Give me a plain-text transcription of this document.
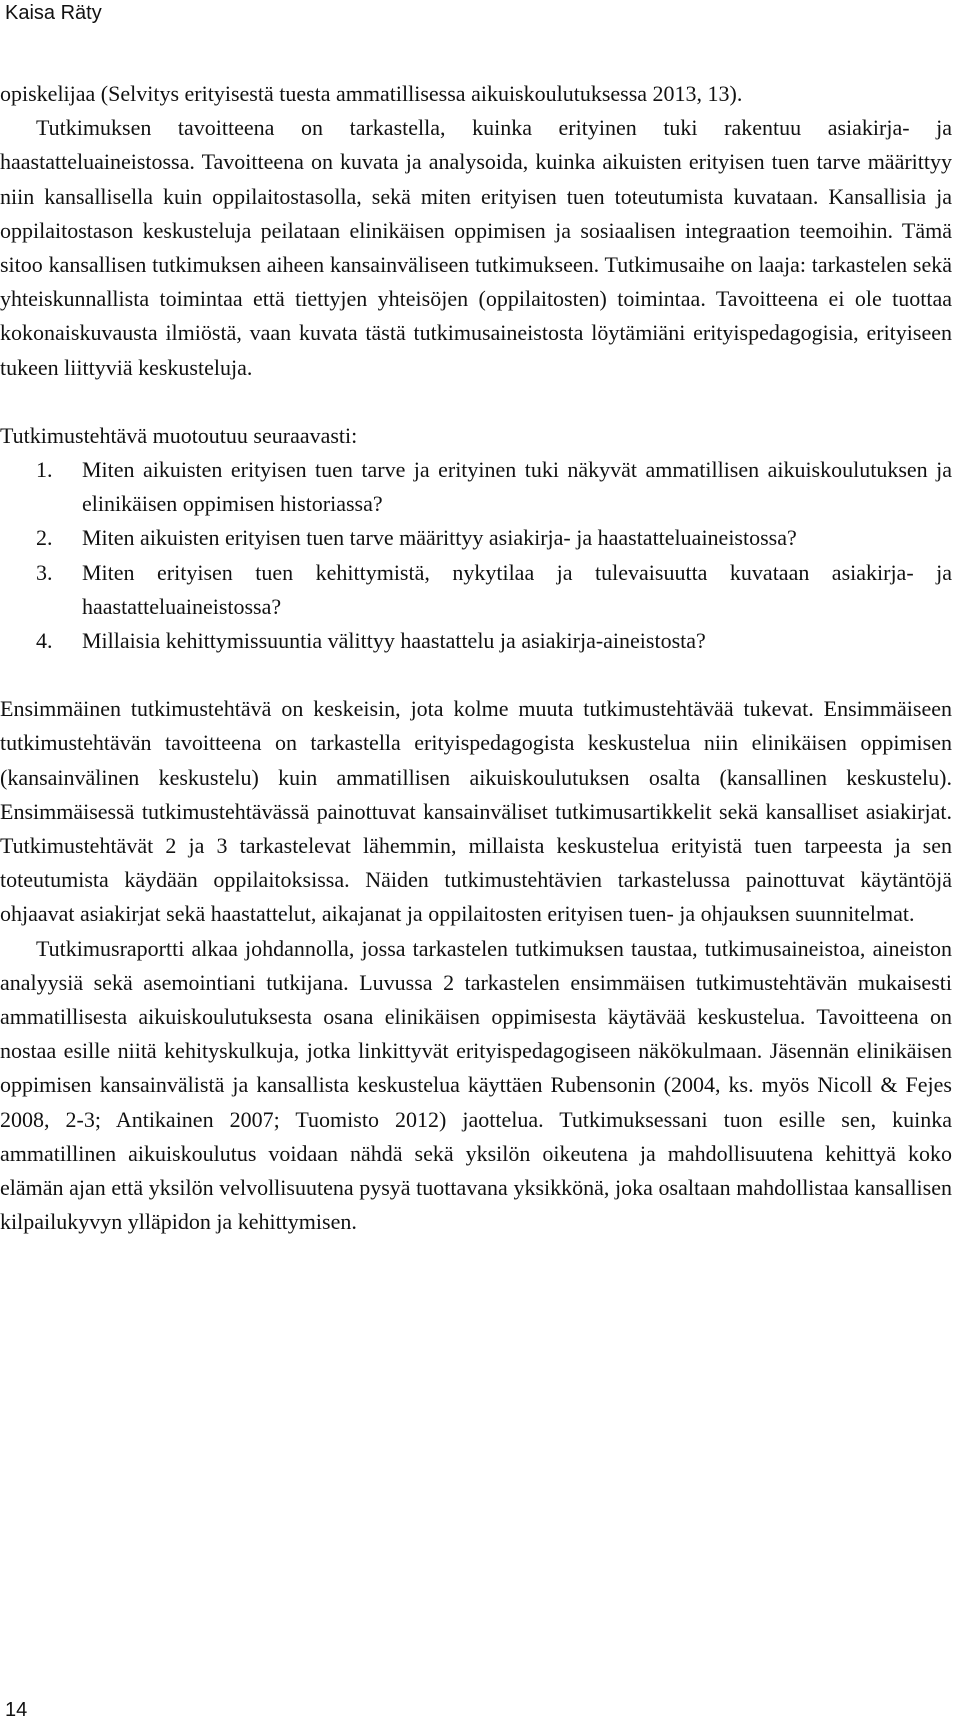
Kaisa Räty

opiskelijaa (Selvitys erityisestä tuesta ammatillisessa aikuiskoulutuksessa 2013, 13).

Tutkimuksen tavoitteena on tarkastella, kuinka erityinen tuki rakentuu asiakirja- ja haastatteluaineistossa. Tavoitteena on kuvata ja analysoida, kuinka aikuisten erityisen tuen tarve määrittyy niin kansallisella kuin oppilaitostasolla, sekä miten erityisen tuen toteutumista kuvataan. Kansallisia ja oppilaitostason keskusteluja peilataan elinikäisen oppimisen ja sosiaalisen integraation teemoihin. Tämä sitoo kansallisen tutkimuksen aiheen kansainväliseen tutkimukseen. Tutkimusaihe on laaja: tarkastelen sekä yhteiskunnallista toimintaa että tiettyjen yhteisöjen (oppilaitosten) toimintaa. Tavoitteena ei ole tuottaa kokonaiskuvausta ilmiöstä, vaan kuvata tästä tutkimusaineistosta löytämiäni erityispedagogisia, erityiseen tukeen liittyviä keskusteluja.

Tutkimustehtävä muotoutuu seuraavasti:

1. Miten aikuisten erityisen tuen tarve ja erityinen tuki näkyvät ammatillisen aikuiskoulutuksen ja elinikäisen oppimisen historiassa?
2. Miten aikuisten erityisen tuen tarve määrittyy asiakirja- ja haastatteluaineistossa?
3. Miten erityisen tuen kehittymistä, nykytilaa ja tulevaisuutta kuvataan asiakirja- ja haastatteluaineistossa?
4. Millaisia kehittymissuuntia välittyy haastattelu ja asiakirja-aineistosta?

Ensimmäinen tutkimustehtävä on keskeisin, jota kolme muuta tutkimustehtävää tukevat. Ensimmäiseen tutkimustehtävän tavoitteena on tarkastella erityispedagogista keskustelua niin elinikäisen oppimisen (kansainvälinen keskustelu) kuin ammatillisen aikuiskoulutuksen osalta (kansallinen keskustelu). Ensimmäisessä tutkimustehtävässä painottuvat kansainväliset tutkimusartikkelit sekä kansalliset asiakirjat. Tutkimustehtävät 2 ja 3 tarkastelevat lähemmin, millaista keskustelua erityistä tuen tarpeesta ja sen toteutumista käydään oppilaitoksissa. Näiden tutkimustehtävien tarkastelussa painottuvat käytäntöjä ohjaavat asiakirjat sekä haastattelut, aikajanat ja oppilaitosten erityisen tuen- ja ohjauksen suunnitelmat.

Tutkimusraportti alkaa johdannolla, jossa tarkastelen tutkimuksen taustaa, tutkimusaineistoa, aineiston analyysiä sekä asemointiani tutkijana. Luvussa 2 tarkastelen ensimmäisen tutkimustehtävän mukaisesti ammatillisesta aikuiskoulutuksesta osana elinikäisen oppimisesta käytävää keskustelua. Tavoitteena on nostaa esille niitä kehityskulkuja, jotka linkittyvät erityispedagogiseen näkökulmaan. Jäsennän elinikäisen oppimisen kansainvälistä ja kansallista keskustelua käyttäen Rubensonin (2004, ks. myös Nicoll & Fejes 2008, 2-3; Antikainen 2007; Tuomisto 2012) jaottelua. Tutkimuksessani tuon esille sen, kuinka ammatillinen aikuiskoulutus voidaan nähdä sekä yksilön oikeutena ja mahdollisuutena kehittyä koko elämän ajan että yksilön velvollisuutena pysyä tuottavana yksikkönä, joka osaltaan mahdollistaa kansallisen kilpailukyvyn ylläpidon ja kehittymisen.

14
